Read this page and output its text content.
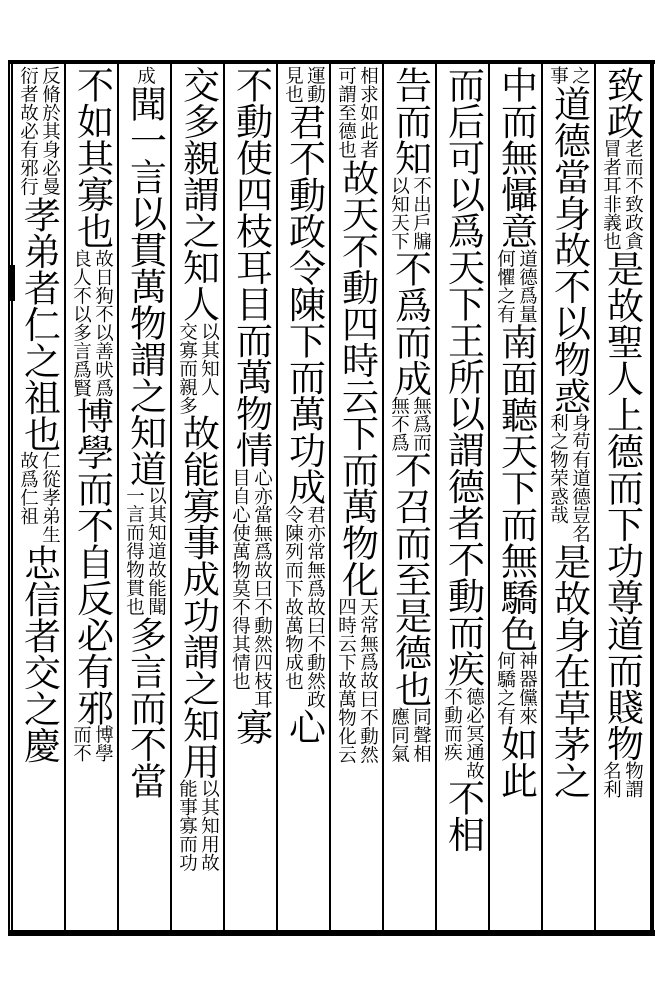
致政
老而不致政貪
冒者耳非義也
是故聖人上德而下功尊道而賤物
物謂
名利
之
事
道德當身故不以物惑
身苟有道德豈名
利之物荣惑哉
是故身在草茅之
中而無懾意
道德爲量
何懼之有
南面聽天下而無驕色
神器儻來
何驕之有
如此
而后可以爲天下王所以謂德者不動而疾
德必冥通故
不動而疾
不相
告而知
不出戶牖
以知天下
不爲而成
無爲而
無不爲
不召而至是德也
同聲相
應同氣
相求如此者
可謂至德也
故天不動四時云下而萬物化
天常無爲故曰不動然
四時云下故萬物化云
運動
見也
君不動政令陳下而萬功成
君亦常無爲故曰不動然政
令陳列而下故萬物成也
心
不動使四枝耳目而萬物情
心亦當無爲故曰不動然四枝耳
目自心使萬物莫不得其情也
寡
交多親謂之知人
以其知人
交寡而親多
故能寡事成功謂之知用
以其知用故
能事寡而功
成
聞一言以貫萬物謂之知道
以其知道故能聞
一言而得物貫也
多言而不當
不如其寡也
故日狗不以善吠爲
良人不以多言爲賢
博學而不自反必有邪
博學
而不
反脩於其身必曼
衍者故必有邪行
孝弟者仁之祖也
仁從孝弟生
故爲仁祖
忠信者交之慶
